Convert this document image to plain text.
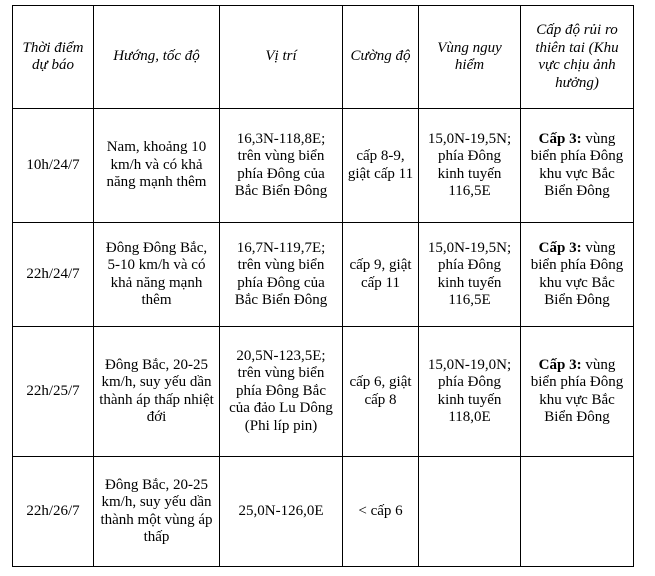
Thời điểm dự báo	Hướng, tốc độ	Vị trí	Cường độ	Vùng nguy hiểm	Cấp độ rủi ro thiên tai (Khu vực chịu ảnh hưởng)
10h/24/7	Nam, khoảng 10 km/h và có khả năng mạnh thêm	16,3N-118,8E; trên vùng biển phía Đông của Bắc Biển Đông	cấp 8-9, giật cấp 11	15,0N-19,5N; phía Đông kinh tuyến 116,5E	Cấp 3: vùng biển phía Đông khu vực Bắc Biển Đông
22h/24/7	Đông Đông Bắc, 5-10 km/h và có khả năng mạnh thêm	16,7N-119,7E; trên vùng biển phía Đông của Bắc Biển Đông	cấp 9, giật cấp 11	15,0N-19,5N; phía Đông kinh tuyến 116,5E	Cấp 3: vùng biển phía Đông khu vực Bắc Biển Đông
22h/25/7	Đông Bắc, 20-25 km/h, suy yếu dần thành áp thấp nhiệt đới	20,5N-123,5E; trên vùng biển phía Đông Bắc của đảo Lu Dông (Phi líp pin)	cấp 6, giật cấp 8	15,0N-19,0N; phía Đông kinh tuyến 118,0E	Cấp 3: vùng biển phía Đông khu vực Bắc Biển Đông
22h/26/7	Đông Bắc, 20-25 km/h, suy yếu dần thành một vùng áp thấp	25,0N-126,0E	< cấp 6		
